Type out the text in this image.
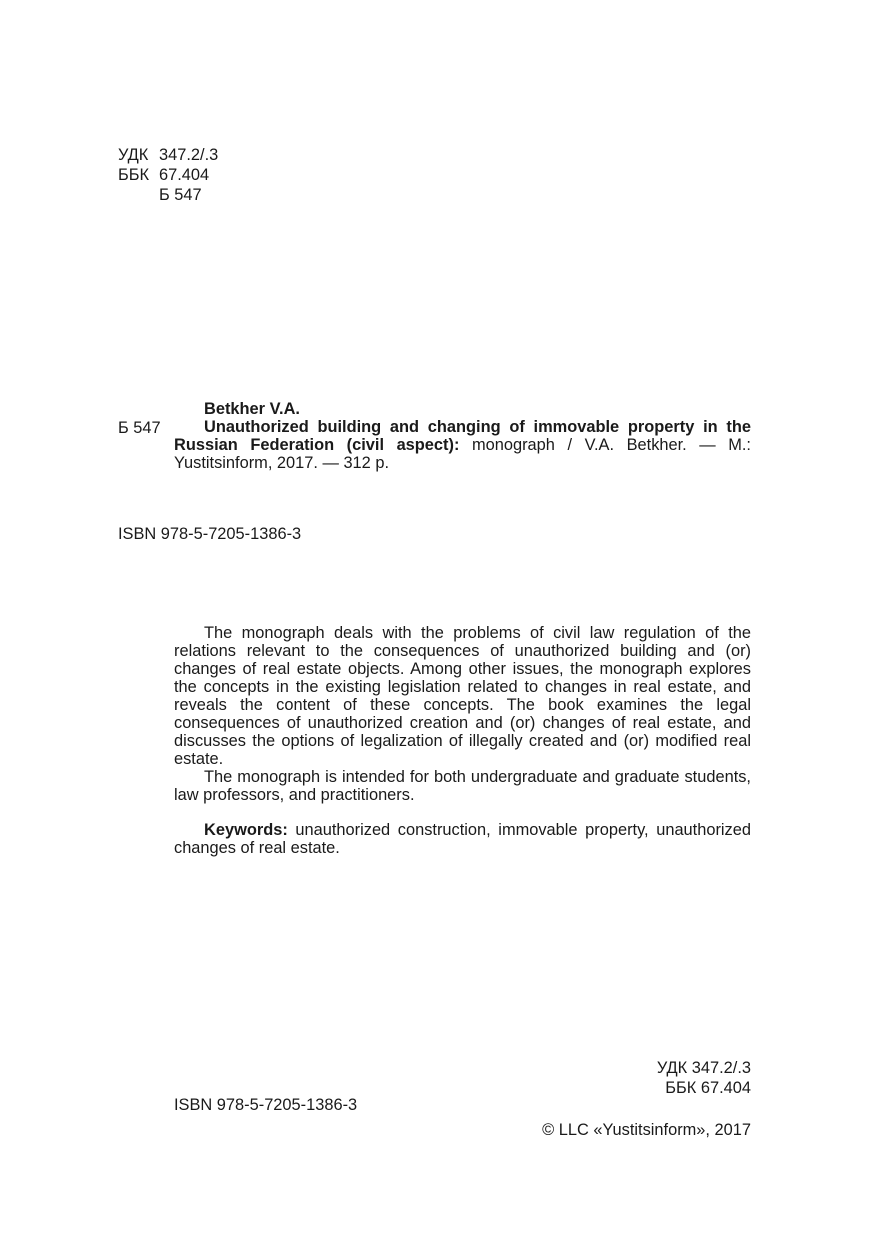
УДК 347.2/.3
ББК 67.404
Б 547
Б 547

Betkher V.A.

Unauthorized building and changing of immovable property in the Russian Federation (civil aspect): monograph / V.A. Betkher. — M.: Yustitsinform, 2017. — 312 p.

ISBN 978-5-7205-1386-3

The monograph deals with the problems of civil law regulation of the relations relevant to the consequences of unauthorized building and (or) changes of real estate objects. Among other issues, the monograph explores the concepts in the existing legislation related to changes in real estate, and reveals the content of these concepts. The book examines the legal consequences of unauthorized creation and (or) changes of real estate, and discusses the options of legalization of illegally created and (or) modified real estate.

The monograph is intended for both undergraduate and graduate students, law professors, and practitioners.

Keywords: unauthorized construction, immovable property, unauthorized changes of real estate.

УДК 347.2/.3
ББК 67.404
ISBN 978-5-7205-1386-3
© LLC «Yustitsinform», 2017
